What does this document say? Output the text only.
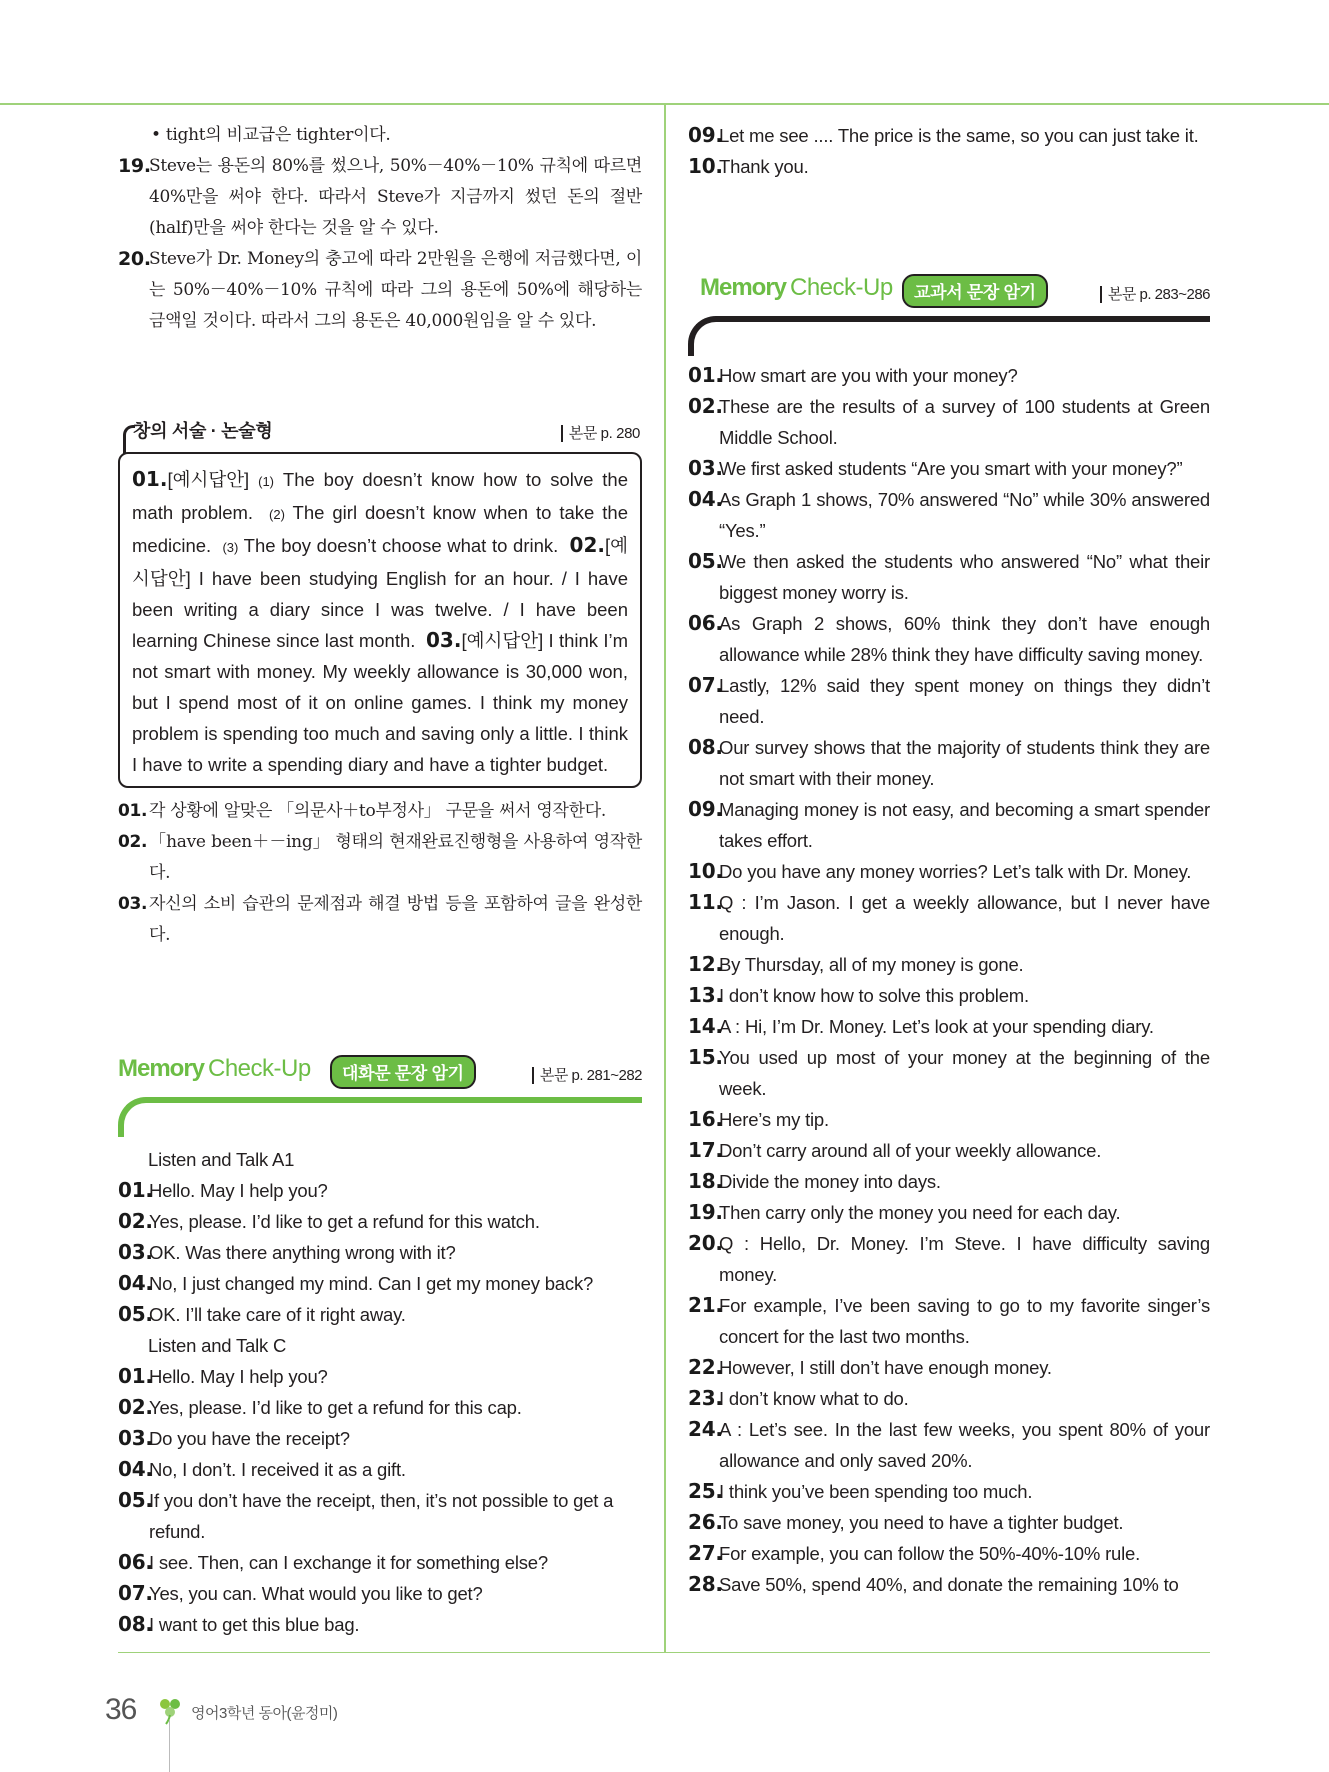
• tight의 비교급은 tighter이다.
19.
Steve는 용돈의 80%를 썼으나, 50%－40%－10% 규칙에 따르면 40%만을 써야 한다. 따라서 Steve가 지금까지 썼던 돈의 절반(half)만을 써야 한다는 것을 알 수 있다.
20.
Steve가 Dr. Money의 충고에 따라 2만원을 은행에 저금했다면, 이는 50%－40%－10% 규칙에 따라 그의 용돈에 50%에 해당하는 금액일 것이다. 따라서 그의 용돈은 40,000원임을 알 수 있다.
창의 서술 · 논술형	본문 p. 280
01.[예시답안] (1) The boy doesn’t know how to solve the math problem. (2) The girl doesn’t know when to take the medicine. (3) The boy doesn’t choose what to drink. 02.[예시답안] I have been studying English for an hour. / I have been writing a diary since I was twelve. / I have been learning Chinese since last month. 03.[예시답안] I think I’m not smart with money. My weekly allowance is 30,000 won, but I spend most of it on online games. I think my money problem is spending too much and saving only a little. I think I have to write a spending diary and have a tighter budget.
01. 각 상황에 알맞은 「의문사＋to부정사」 구문을 써서 영작한다.
02. 「have been＋－ing」 형태의 현재완료진행형을 사용하여 영작한다.
03. 자신의 소비 습관의 문제점과 해결 방법 등을 포함하여 글을 완성한다.
Memory Check-Up	대화문 문장 암기	본문 p. 281~282
Listen and Talk A1
01.
Hello. May I help you?
02.
Yes, please. I’d like to get a refund for this watch.
03.
OK. Was there anything wrong with it?
04.
No, I just changed my mind. Can I get my money back?
05.
OK. I’ll take care of it right away.
Listen and Talk C
01.
Hello. May I help you?
02.
Yes, please. I’d like to get a refund for this cap.
03.
Do you have the receipt?
04.
No, I don’t. I received it as a gift.
05.
If you don’t have the receipt, then, it’s not possible to get a refund.
06.
I see. Then, can I exchange it for something else?
07.
Yes, you can. What would you like to get?
08.
I want to get this blue bag.
09.
Let me see .... The price is the same, so you can just take it.
10.
Thank you.
Memory Check-Up	교과서 문장 암기	본문 p. 283~286
01.
How smart are you with your money?
02.
These are the results of a survey of 100 students at Green Middle School.
03.
We first asked students “Are you smart with your money?”
04.
As Graph 1 shows, 70% answered “No” while 30% answered “Yes.”
05.
We then asked the students who answered “No” what their biggest money worry is.
06.
As Graph 2 shows, 60% think they don’t have enough allowance while 28% think they have difficulty saving money.
07.
Lastly, 12% said they spent money on things they didn’t need.
08.
Our survey shows that the majority of students think they are not smart with their money.
09.
Managing money is not easy, and becoming a smart spender takes effort.
10.
Do you have any money worries? Let’s talk with Dr. Money.
11.
Q : I’m Jason. I get a weekly allowance, but I never have enough.
12.
By Thursday, all of my money is gone.
13.
I don’t know how to solve this problem.
14.
A : Hi, I’m Dr. Money. Let’s look at your spending diary.
15.
You used up most of your money at the beginning of the week.
16.
Here’s my tip.
17.
Don’t carry around all of your weekly allowance.
18.
Divide the money into days.
19.
Then carry only the money you need for each day.
20.
Q : Hello, Dr. Money. I’m Steve. I have difficulty saving money.
21.
For example, I’ve been saving to go to my favorite singer’s concert for the last two months.
22.
However, I still don’t have enough money.
23.
I don’t know what to do.
24.
A : Let’s see. In the last few weeks, you spent 80% of your allowance and only saved 20%.
25.
I think you’ve been spending too much.
26.
To save money, you need to have a tighter budget.
27.
For example, you can follow the 50%-40%-10% rule.
28.
Save 50%, spend 40%, and donate the remaining 10% to
36	영어3학년 동아(윤정미)
